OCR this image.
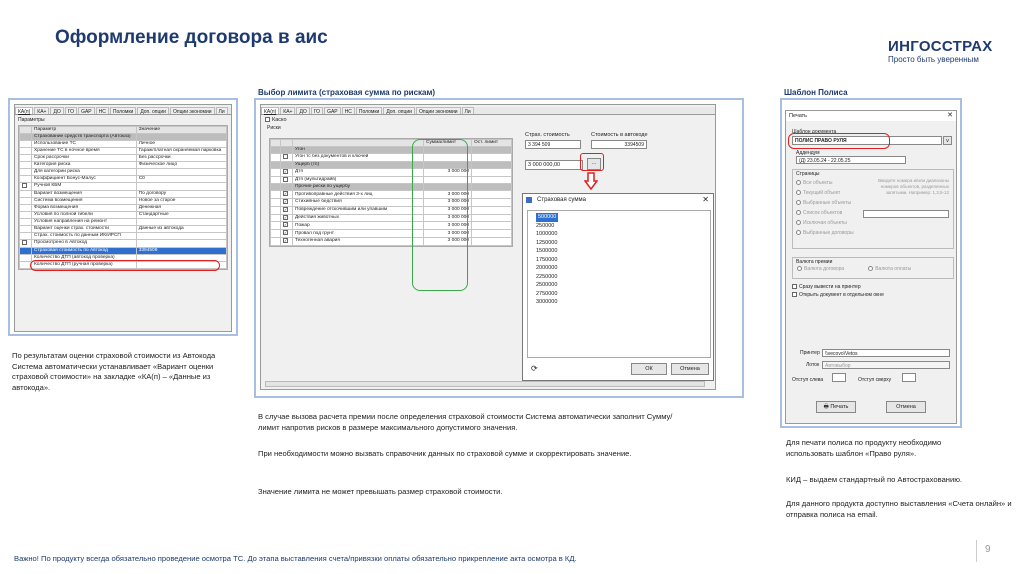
Оформление договора в аис	ИНГОССТРАХ
Просто быть уверенным
КА(п)	КА+	ДО	ГО	GAP	НС	Поломки	Доп. опции	Опции экономии	Ли
Параметры
	Параметр	Значение
	Страхование средств транспорта (Автоказ)	
	Использование ТС	Личное
	Хранение ТС в ночное время	Гараж/платная охраняемая парковка
	Срок рассрочки	Без рассрочки
	Категория риска	Физическое лицо
	Для категории риска	
	Коэффициент Бонус-Малус	С0
	Ручной КБМ	
	Вариант возмещения	По договору
	Система возмещения	Новое за старое
	Форма возмещения	Денежная
	Условия по полной гибели	Стандартные
	Условия направления на ремонт	
	Вариант оценки страх. стоимости	Данные из автокода
	Страх. стоимость по данным ИК/ИРСП	
	Просмотрено в Автокод	
	Страховая стоимость по Автокод	3394509
	Количество ДТП (автокод проверка)	
	Количество ДТП (ручная проверка)	
По результатам оценки страховой стоимости из Автокода Система автоматически устанавливает «Вариант оценки страховой стоимости» на закладке «КА(п) – «Данные из автокода».
Выбор лимита (страховая сумма по рискам)
КА(п)	КА+	ДО	ГО	GAP	НС	Поломки	Доп. опции	Опции экономии	Ли
Каско
Риски
			Сумма/лимит	Ост. лимит
		Угон		
		Угон тс без документов и ключей		
		Ущерб (тп)		
	✓	Дтп	3 000 000	
		Дтп (мультидрайв)		
		Прочие риски по ущербу		
	✓	Противоправные действия 3-х лиц	3 000 000	
	✓	Стихийные бедствия	3 000 000	
	✓	Повреждение отскочившим или упавшим	3 000 000	
	✓	Действия животных	3 000 000	
	✓	Пожар	3 000 000	
	✓	Провал под грунт	3 000 000	
	✓	Техногенная авария	3 000 000	
Страх. стоимость
3 394 509
Стоимость в автокоде
3394509
3 000 000,00	...
Страховая сумма	✕
500000
250000
1000000
1250000
1500000
1750000
2000000
2250000
2500000
2750000
3000000
⟳	ОК	Отмена
В случае вызова расчета премии после определения страховой стоимости Система автоматически заполнит Сумму/лимит напротив рисков в размере максимального допустимого значения.
При необходимости можно вызвать справочник данных по страховой сумме и скорректировать значение.
Значение лимита не может превышать размер страховой стоимости.
Шаблон Полиса
Печать	✕
Шаблон документа
ПОЛИС ПРАВО РУЛЯ	v
Аддендум
(Д) 23.05.24 - 22.05.25
Страницы
Все объекты
Текущий объект
Выбранные объекты
Список объектов
Исключая объекты
Выбранные договоры
Введите номера и/или диапазоны номеров объектов, разделенных запятыми. Например: 1,3,5-12
Валюта премии
Валюта договора	Валюта оплаты
Сразу вывести на принтер
Открыть документ в отдельном окне
Принтер	\\vecovo\Vetos
Лоток	Автовыбор
Отступ слева	Отступ сверху
🖶 Печать	Отмена
Для печати полиса по продукту необходимо использовать шаблон «Право руля».
КИД – выдаем стандартный по Автострахованию.
Для данного продукта доступно выставления «Счета онлайн» и отправка полиса на email.
Важно! По продукту всегда обязательно проведение осмотра ТС. До этапа выставления счета/привязки оплаты обязательно прикрепление акта осмотра в КД.
9
